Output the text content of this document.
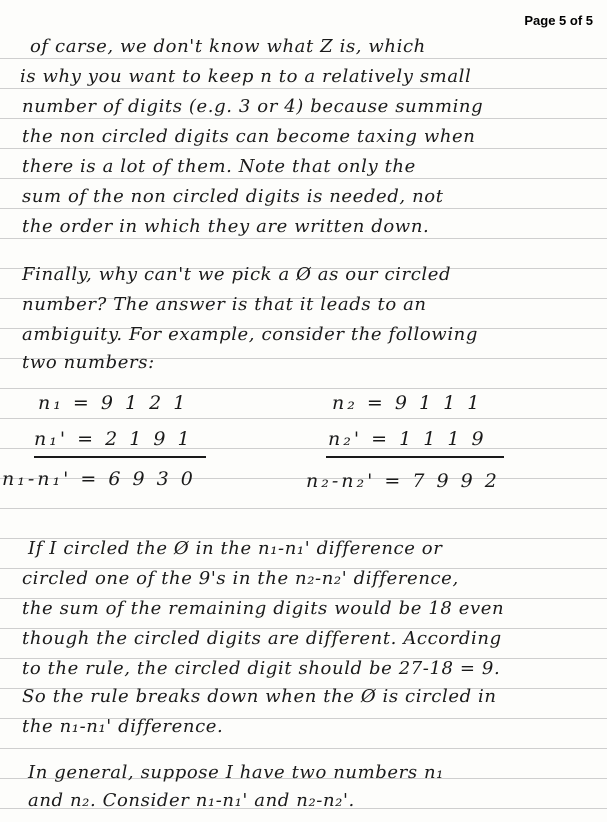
Page 5 of 5
of carse, we don't know what Z is, which
is why you want to keep n to a relatively small
number of digits (e.g. 3 or 4) because summing
the non circled digits can become taxing when
there is a lot of them. Note that only the
sum of the non circled digits is needed, not
the order in which they are written down.
Finally, why can't we pick a Ø as our circled
number? The answer is that it leads to an
ambiguity. For example, consider the following
two numbers:
n₁ = 9 1 2 1
n₁' = 2 1 9 1
n₁-n₁' = 6 9 3 0
n₂ = 9 1 1 1
n₂' = 1 1 1 9
n₂-n₂' = 7 9 9 2
If I circled the Ø in the n₁-n₁' difference or
circled one of the 9's in the n₂-n₂' difference,
the sum of the remaining digits would be 18 even
though the circled digits are different. According
to the rule, the circled digit should be 27-18 = 9.
So the rule breaks down when the Ø is circled in
the n₁-n₁' difference.
In general, suppose I have two numbers n₁
and n₂. Consider n₁-n₁' and n₂-n₂'.
